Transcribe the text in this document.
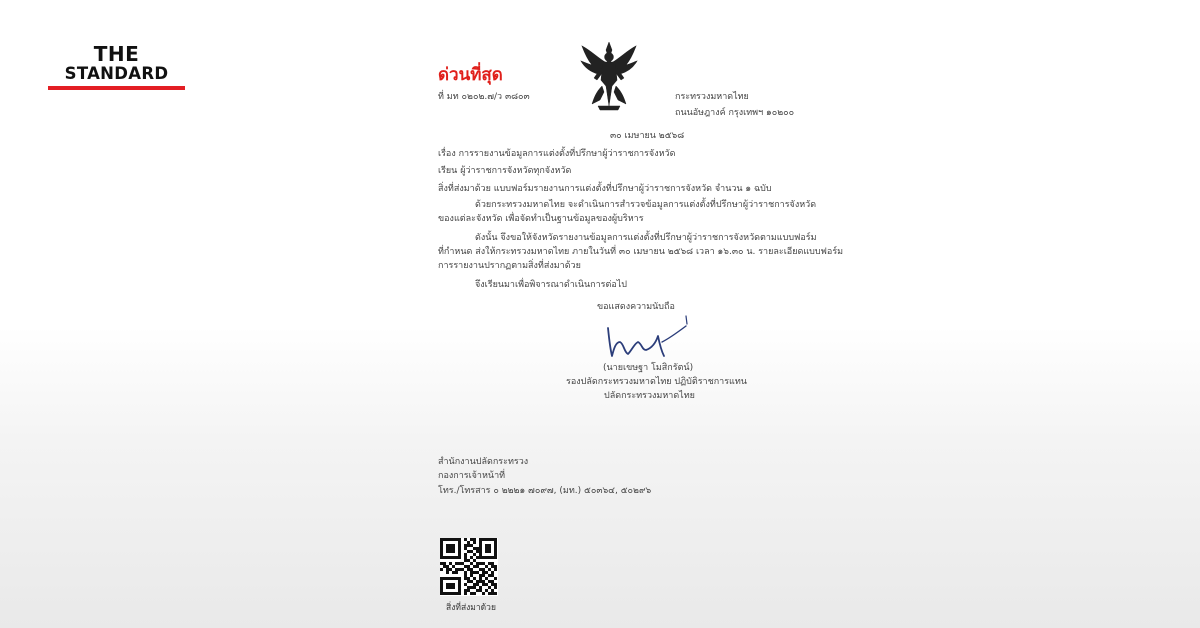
THE
STANDARD	ด่วนที่สุด
ที่ มท ๐๒๐๒.๗/ว ๓๘๐๓	กระทรวงมหาดไทย
ถนนอัษฎางค์ กรุงเทพฯ ๑๐๒๐๐
๓๐ เมษายน ๒๕๖๘
เรื่อง การรายงานข้อมูลการแต่งตั้งที่ปรึกษาผู้ว่าราชการจังหวัด
เรียน ผู้ว่าราชการจังหวัดทุกจังหวัด
สิ่งที่ส่งมาด้วย แบบฟอร์มรายงานการแต่งตั้งที่ปรึกษาผู้ว่าราชการจังหวัด จำนวน ๑ ฉบับ
ด้วยกระทรวงมหาดไทย จะดำเนินการสำรวจข้อมูลการแต่งตั้งที่ปรึกษาผู้ว่าราชการจังหวัด
ของแต่ละจังหวัด เพื่อจัดทำเป็นฐานข้อมูลของผู้บริหาร
ดังนั้น จึงขอให้จังหวัดรายงานข้อมูลการแต่งตั้งที่ปรึกษาผู้ว่าราชการจังหวัดตามแบบฟอร์ม
ที่กำหนด ส่งให้กระทรวงมหาดไทย ภายในวันที่ ๓๐ เมษายน ๒๕๖๘ เวลา ๑๖.๓๐ น. รายละเอียดแบบฟอร์ม
การรายงานปรากฏตามสิ่งที่ส่งมาด้วย
จึงเรียนมาเพื่อพิจารณาดำเนินการต่อไป
ขอแสดงความนับถือ
(นายเขษฐา โมสิกรัตน์)
รองปลัดกระทรวงมหาดไทย ปฏิบัติราชการแทน
ปลัดกระทรวงมหาดไทย
สำนักงานปลัดกระทรวง
กองการเจ้าหน้าที่
โทร./โทรสาร ๐ ๒๒๒๑ ๗๐๙๗, (มท.) ๕๐๓๖๔, ๕๐๒๙๖
สิ่งที่ส่งมาด้วย
